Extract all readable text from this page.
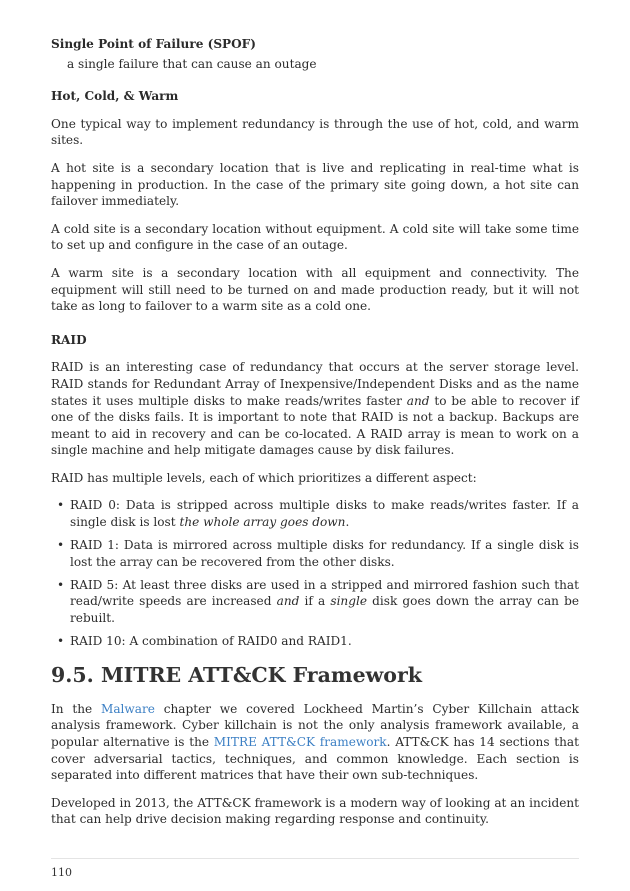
Single Point of Failure (SPOF)
a single failure that can cause an outage
Hot, Cold, & Warm

One typical way to implement redundancy is through the use of hot, cold, and warm sites.

A hot site is a secondary location that is live and replicating in real-time what is happening in production. In the case of the primary site going down, a hot site can failover immediately.

A cold site is a secondary location without equipment. A cold site will take some time to set up and configure in the case of an outage.

A warm site is a secondary location with all equipment and connectivity. The equipment will still need to be turned on and made production ready, but it will not take as long to failover to a warm site as a cold one.

RAID

RAID is an interesting case of redundancy that occurs at the server storage level. RAID stands for Redundant Array of Inexpensive/Independent Disks and as the name states it uses multiple disks to make reads/writes faster and to be able to recover if one of the disks fails. It is important to note that RAID is not a backup. Backups are meant to aid in recovery and can be co-located. A RAID array is mean to work on a single machine and help mitigate damages cause by disk failures.

RAID has multiple levels, each of which prioritizes a different aspect:

• RAID 0: Data is stripped across multiple disks to make reads/writes faster. If a single disk is lost the whole array goes down.
• RAID 1: Data is mirrored across multiple disks for redundancy. If a single disk is lost the array can be recovered from the other disks.
• RAID 5: At least three disks are used in a stripped and mirrored fashion such that read/write speeds are increased and if a single disk goes down the array can be rebuilt.
• RAID 10: A combination of RAID0 and RAID1.
9.5. MITRE ATT&CK Framework

In the Malware chapter we covered Lockheed Martin’s Cyber Killchain attack analysis framework. Cyber killchain is not the only analysis framework available, a popular alternative is the MITRE ATT&CK framework. ATT&CK has 14 sections that cover adversarial tactics, techniques, and common knowledge. Each section is separated into different matrices that have their own sub-techniques.

Developed in 2013, the ATT&CK framework is a modern way of looking at an incident that can help drive decision making regarding response and continuity.

110
